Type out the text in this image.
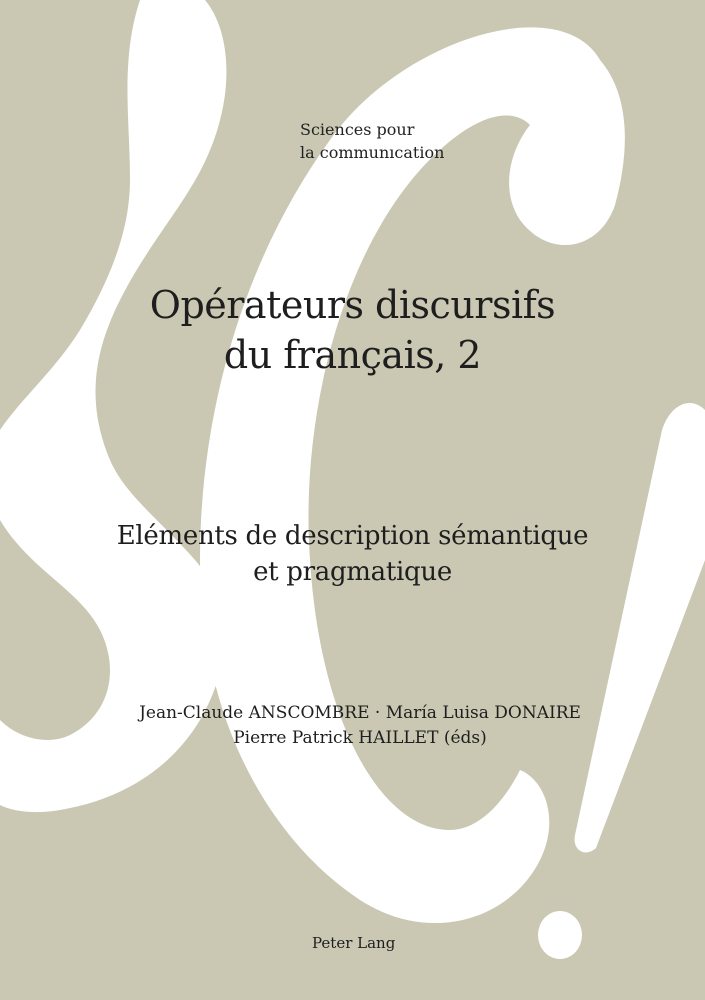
Sciences pour
la communıcation
Opérateurs discursifs
du français, 2
Eléments de description sémantique
et pragmatique
Jean-Claude ANSCOMBRE · María Luisa DONAIRE
Pierre Patrick HAILLET (éds)
Peter Lang
